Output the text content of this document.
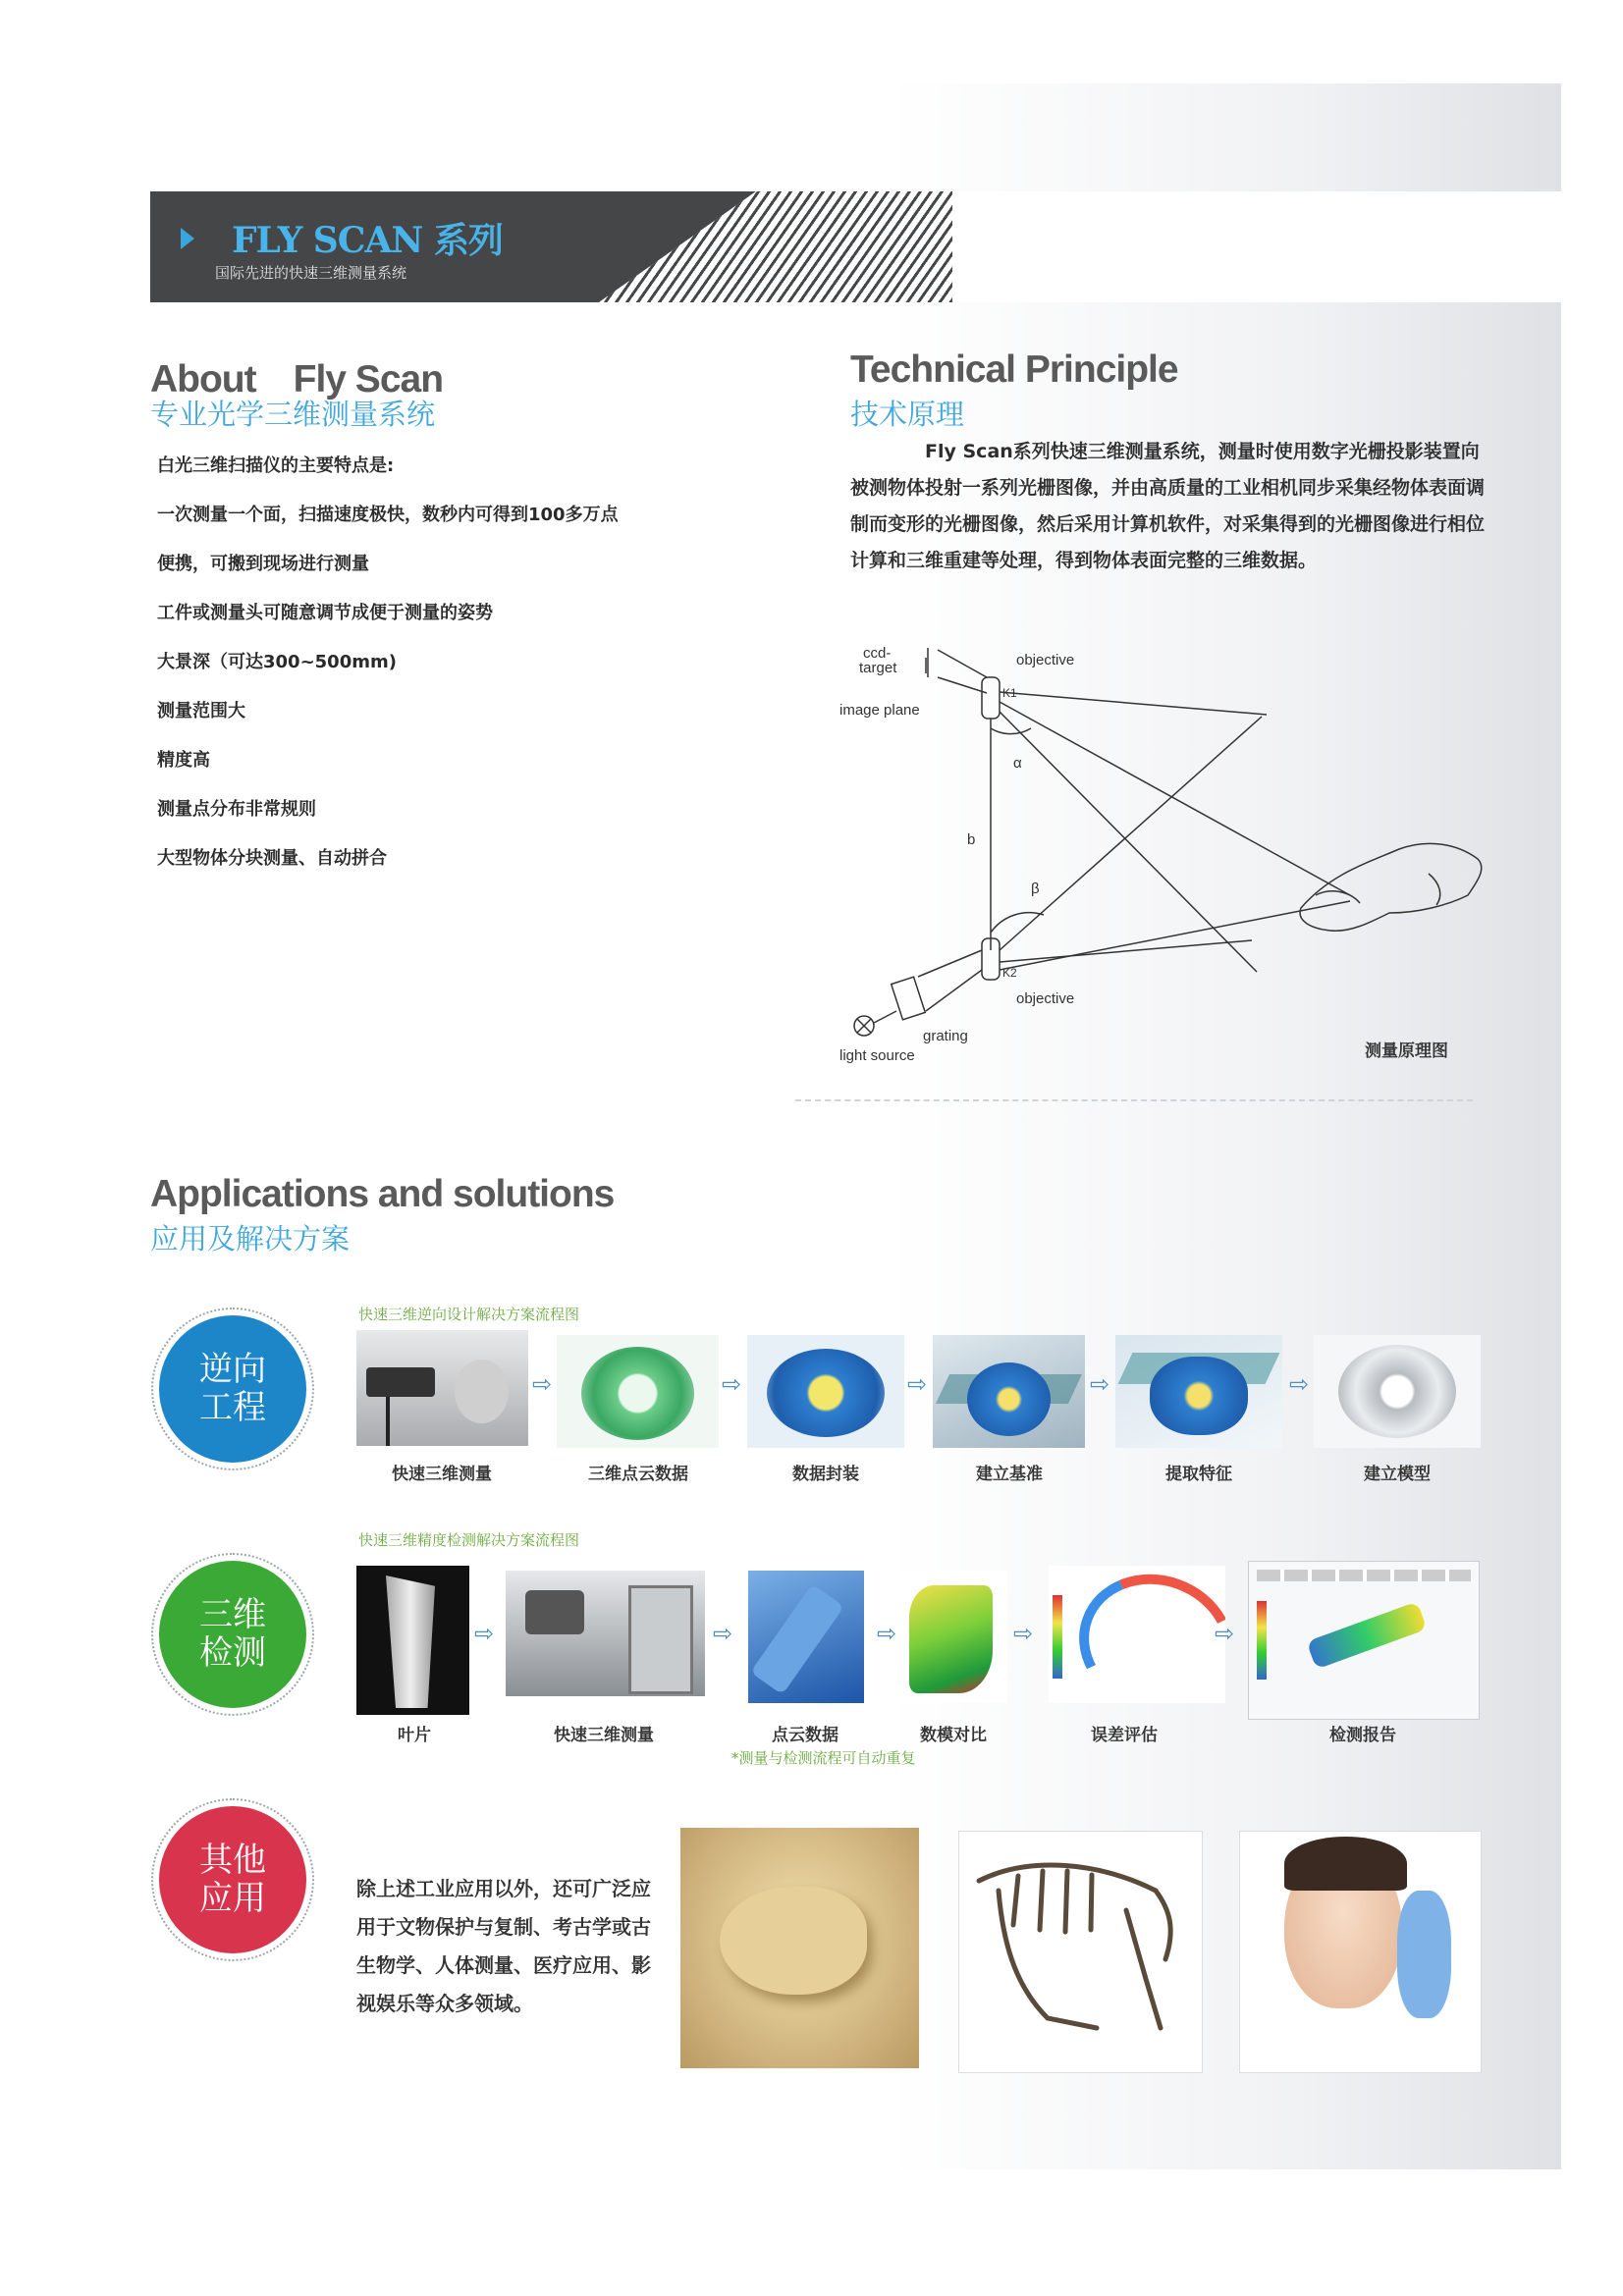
FLY SCAN 系列
国际先进的快速三维测量系统
About　Fly Scan
专业光学三维测量系统
白光三维扫描仪的主要特点是:
一次测量一个面，扫描速度极快，数秒内可得到100多万点
便携，可搬到现场进行测量
工件或测量头可随意调节成便于测量的姿势
大景深（可达300~500mm)
测量范围大
精度高
测量点分布非常规则
大型物体分块测量、自动拼合
Technical Principle
技术原理
Fly Scan系列快速三维测量系统，测量时使用数字光栅投影装置向被测物体投射一系列光栅图像，并由高质量的工业相机同步采集经物体表面调制而变形的光栅图像，然后采用计算机软件，对采集得到的光栅图像进行相位计算和三维重建等处理，得到物体表面完整的三维数据。
ccd-
target
image plane
objective
K1
α
b
β
K2
objective
grating
light source	测量原理图
Applications and solutions
应用及解决方案
逆向
工程
快速三维逆向设计解决方案流程图
⇨	⇨	⇨	⇨	⇨
快速三维测量	三维点云数据	数据封装	建立基准	提取特征	建立模型
三维
检测
快速三维精度检测解决方案流程图
⇨	⇨	⇨	⇨	⇨
叶片	快速三维测量	点云数据	数模对比	误差评估	检测报告
*测量与检测流程可自动重复
其他
应用	除上述工业应用以外，还可广泛应用于文物保护与复制、考古学或古生物学、人体测量、医疗应用、影视娱乐等众多领域。
